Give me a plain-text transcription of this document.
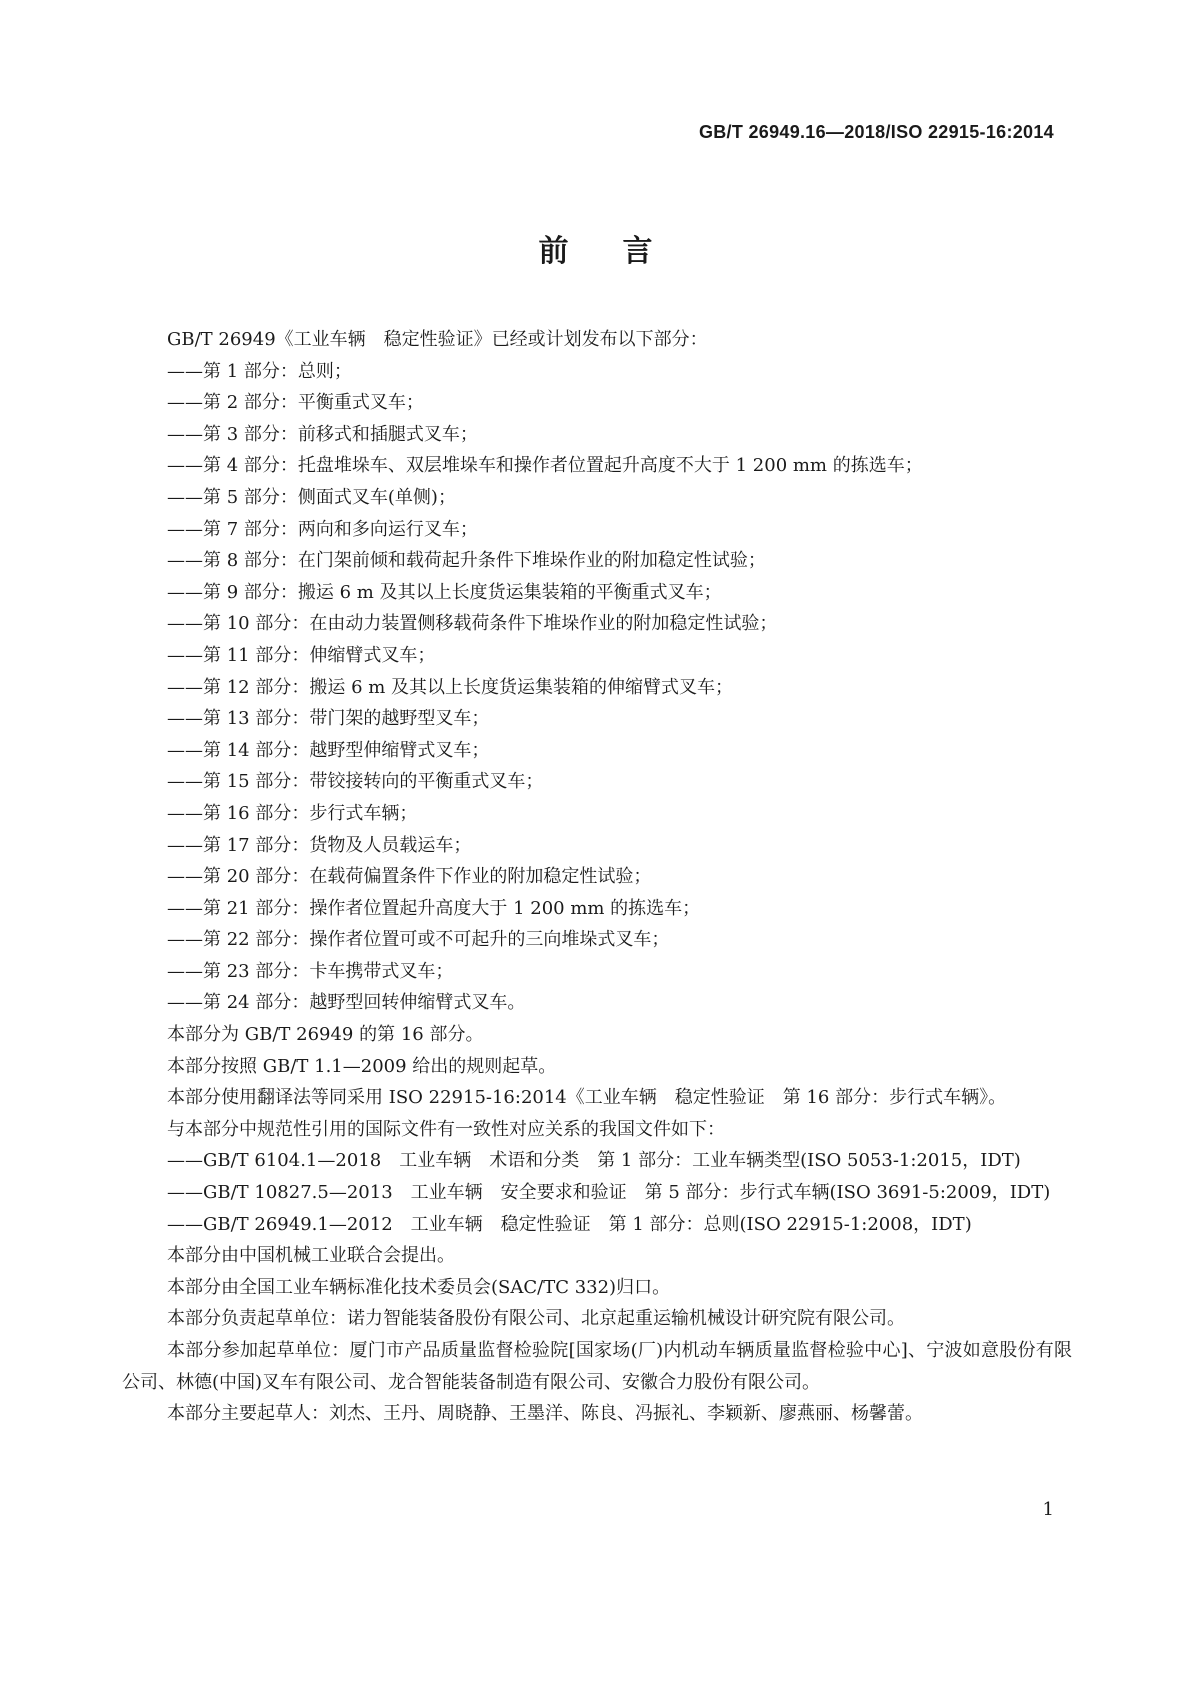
GB/T 26949.16—2018/ISO 22915-16:2014
前言
GB/T 26949《工业车辆　稳定性验证》已经或计划发布以下部分：
——第 1 部分：总则；
——第 2 部分：平衡重式叉车；
——第 3 部分：前移式和插腿式叉车；
——第 4 部分：托盘堆垛车、双层堆垛车和操作者位置起升高度不大于 1 200 mm 的拣选车；
——第 5 部分：侧面式叉车(单侧)；
——第 7 部分：两向和多向运行叉车；
——第 8 部分：在门架前倾和载荷起升条件下堆垛作业的附加稳定性试验；
——第 9 部分：搬运 6 m 及其以上长度货运集装箱的平衡重式叉车；
——第 10 部分：在由动力装置侧移载荷条件下堆垛作业的附加稳定性试验；
——第 11 部分：伸缩臂式叉车；
——第 12 部分：搬运 6 m 及其以上长度货运集装箱的伸缩臂式叉车；
——第 13 部分：带门架的越野型叉车；
——第 14 部分：越野型伸缩臂式叉车；
——第 15 部分：带铰接转向的平衡重式叉车；
——第 16 部分：步行式车辆；
——第 17 部分：货物及人员载运车；
——第 20 部分：在载荷偏置条件下作业的附加稳定性试验；
——第 21 部分：操作者位置起升高度大于 1 200 mm 的拣选车；
——第 22 部分：操作者位置可或不可起升的三向堆垛式叉车；
——第 23 部分：卡车携带式叉车；
——第 24 部分：越野型回转伸缩臂式叉车。
本部分为 GB/T 26949 的第 16 部分。
本部分按照 GB/T 1.1—2009 给出的规则起草。
本部分使用翻译法等同采用 ISO 22915-16:2014《工业车辆　稳定性验证　第 16 部分：步行式车辆》。
与本部分中规范性引用的国际文件有一致性对应关系的我国文件如下：
——GB/T 6104.1—2018　工业车辆　术语和分类　第 1 部分：工业车辆类型(ISO 5053-1:2015，IDT)
——GB/T 10827.5—2013　工业车辆　安全要求和验证　第 5 部分：步行式车辆(ISO 3691-5:2009，IDT)
——GB/T 26949.1—2012　工业车辆　稳定性验证　第 1 部分：总则(ISO 22915-1:2008，IDT)
本部分由中国机械工业联合会提出。
本部分由全国工业车辆标准化技术委员会(SAC/TC 332)归口。
本部分负责起草单位：诺力智能装备股份有限公司、北京起重运输机械设计研究院有限公司。
本部分参加起草单位：厦门市产品质量监督检验院[国家场(厂)内机动车辆质量监督检验中心]、宁波如意股份有限公司、林德(中国)叉车有限公司、龙合智能装备制造有限公司、安徽合力股份有限公司。
本部分主要起草人：刘杰、王丹、周晓静、王墨洋、陈良、冯振礼、李颖新、廖燕丽、杨馨蕾。
1
